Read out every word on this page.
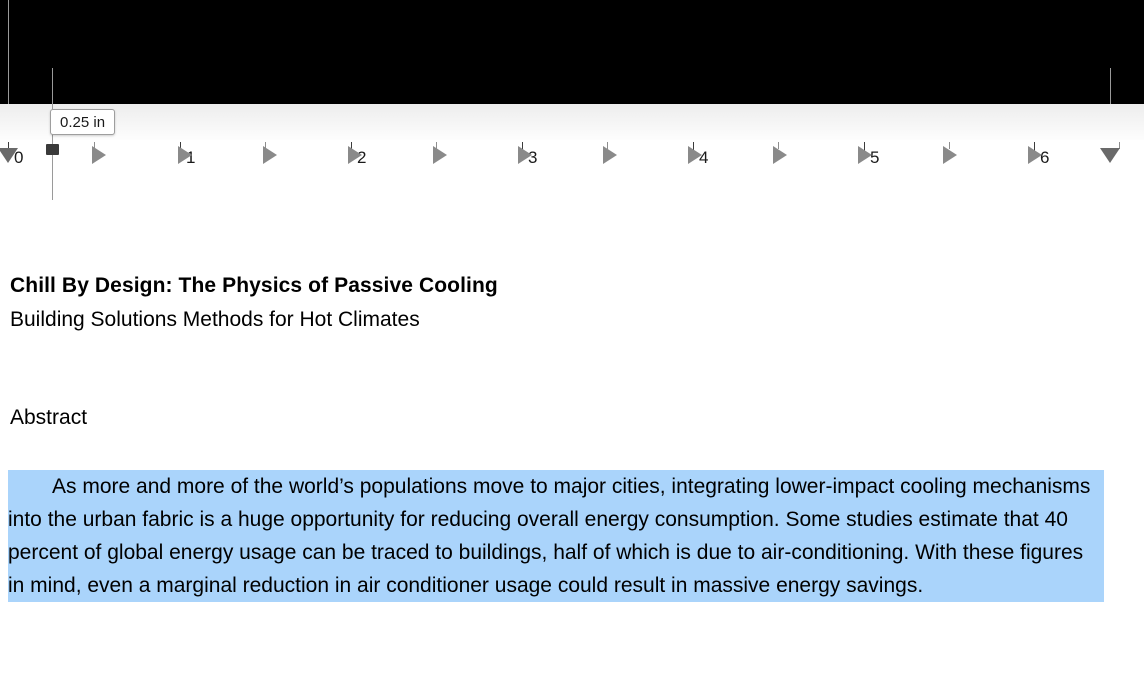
0	1	2	3	4	5	6
0.25 in
Chill By Design: The Physics of Passive Cooling
Building Solutions Methods for Hot Climates
Abstract
As more and more of the world’s populations move to major cities, integrating lower-impact cooling mechanisms into the urban fabric is a huge opportunity for reducing overall energy consumption. Some studies estimate that 40 percent of global energy usage can be traced to buildings, half of which is due to air-conditioning. With these figures in mind, even a marginal reduction in air conditioner usage could result in massive energy savings.
